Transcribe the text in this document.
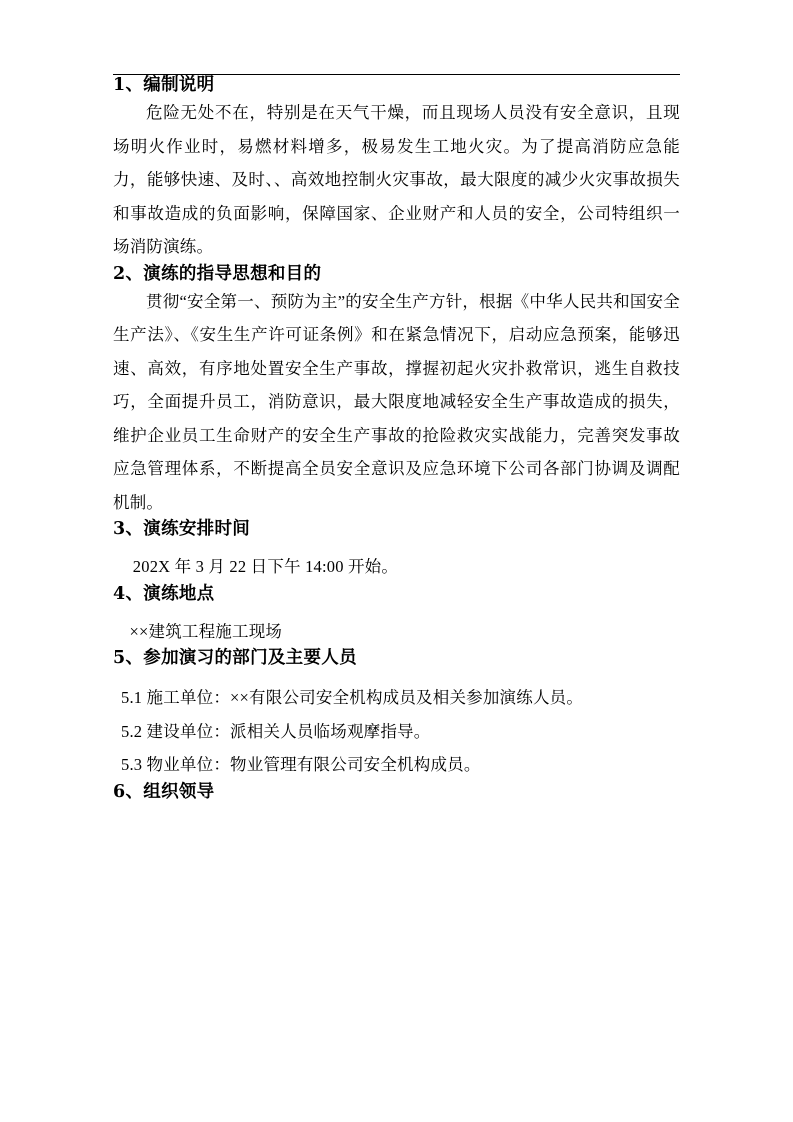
1、编制说明

危险无处不在，特别是在天气干燥，而且现场人员没有安全意识，且现场明火作业时，易燃材料增多，极易发生工地火灾。为了提高消防应急能力，能够快速、及时、、高效地控制火灾事故，最大限度的减少火灾事故损失和事故造成的负面影响，保障国家、企业财产和人员的安全，公司特组织一场消防演练。

2、演练的指导思想和目的

贯彻“安全第一、预防为主”的安全生产方针，根据《中华人民共和国安全生产法》、《安生生产许可证条例》和在紧急情况下，启动应急预案，能够迅速、高效，有序地处置安全生产事故，撑握初起火灾扑救常识，逃生自救技巧，全面提升员工，消防意识，最大限度地减轻安全生产事故造成的损失，维护企业员工生命财产的安全生产事故的抢险救灾实战能力，完善突发事故应急管理体系，不断提高全员安全意识及应急环境下公司各部门协调及调配机制。

3、演练安排时间

202X 年 3 月 22 日下午 14:00 开始。

4、演练地点

××建筑工程施工现场

5、参加演习的部门及主要人员
5.1 施工单位：××有限公司安全机构成员及相关参加演练人员。
5.2 建设单位：派相关人员临场观摩指导。
5.3 物业单位：物业管理有限公司安全机构成员。
6、组织领导
